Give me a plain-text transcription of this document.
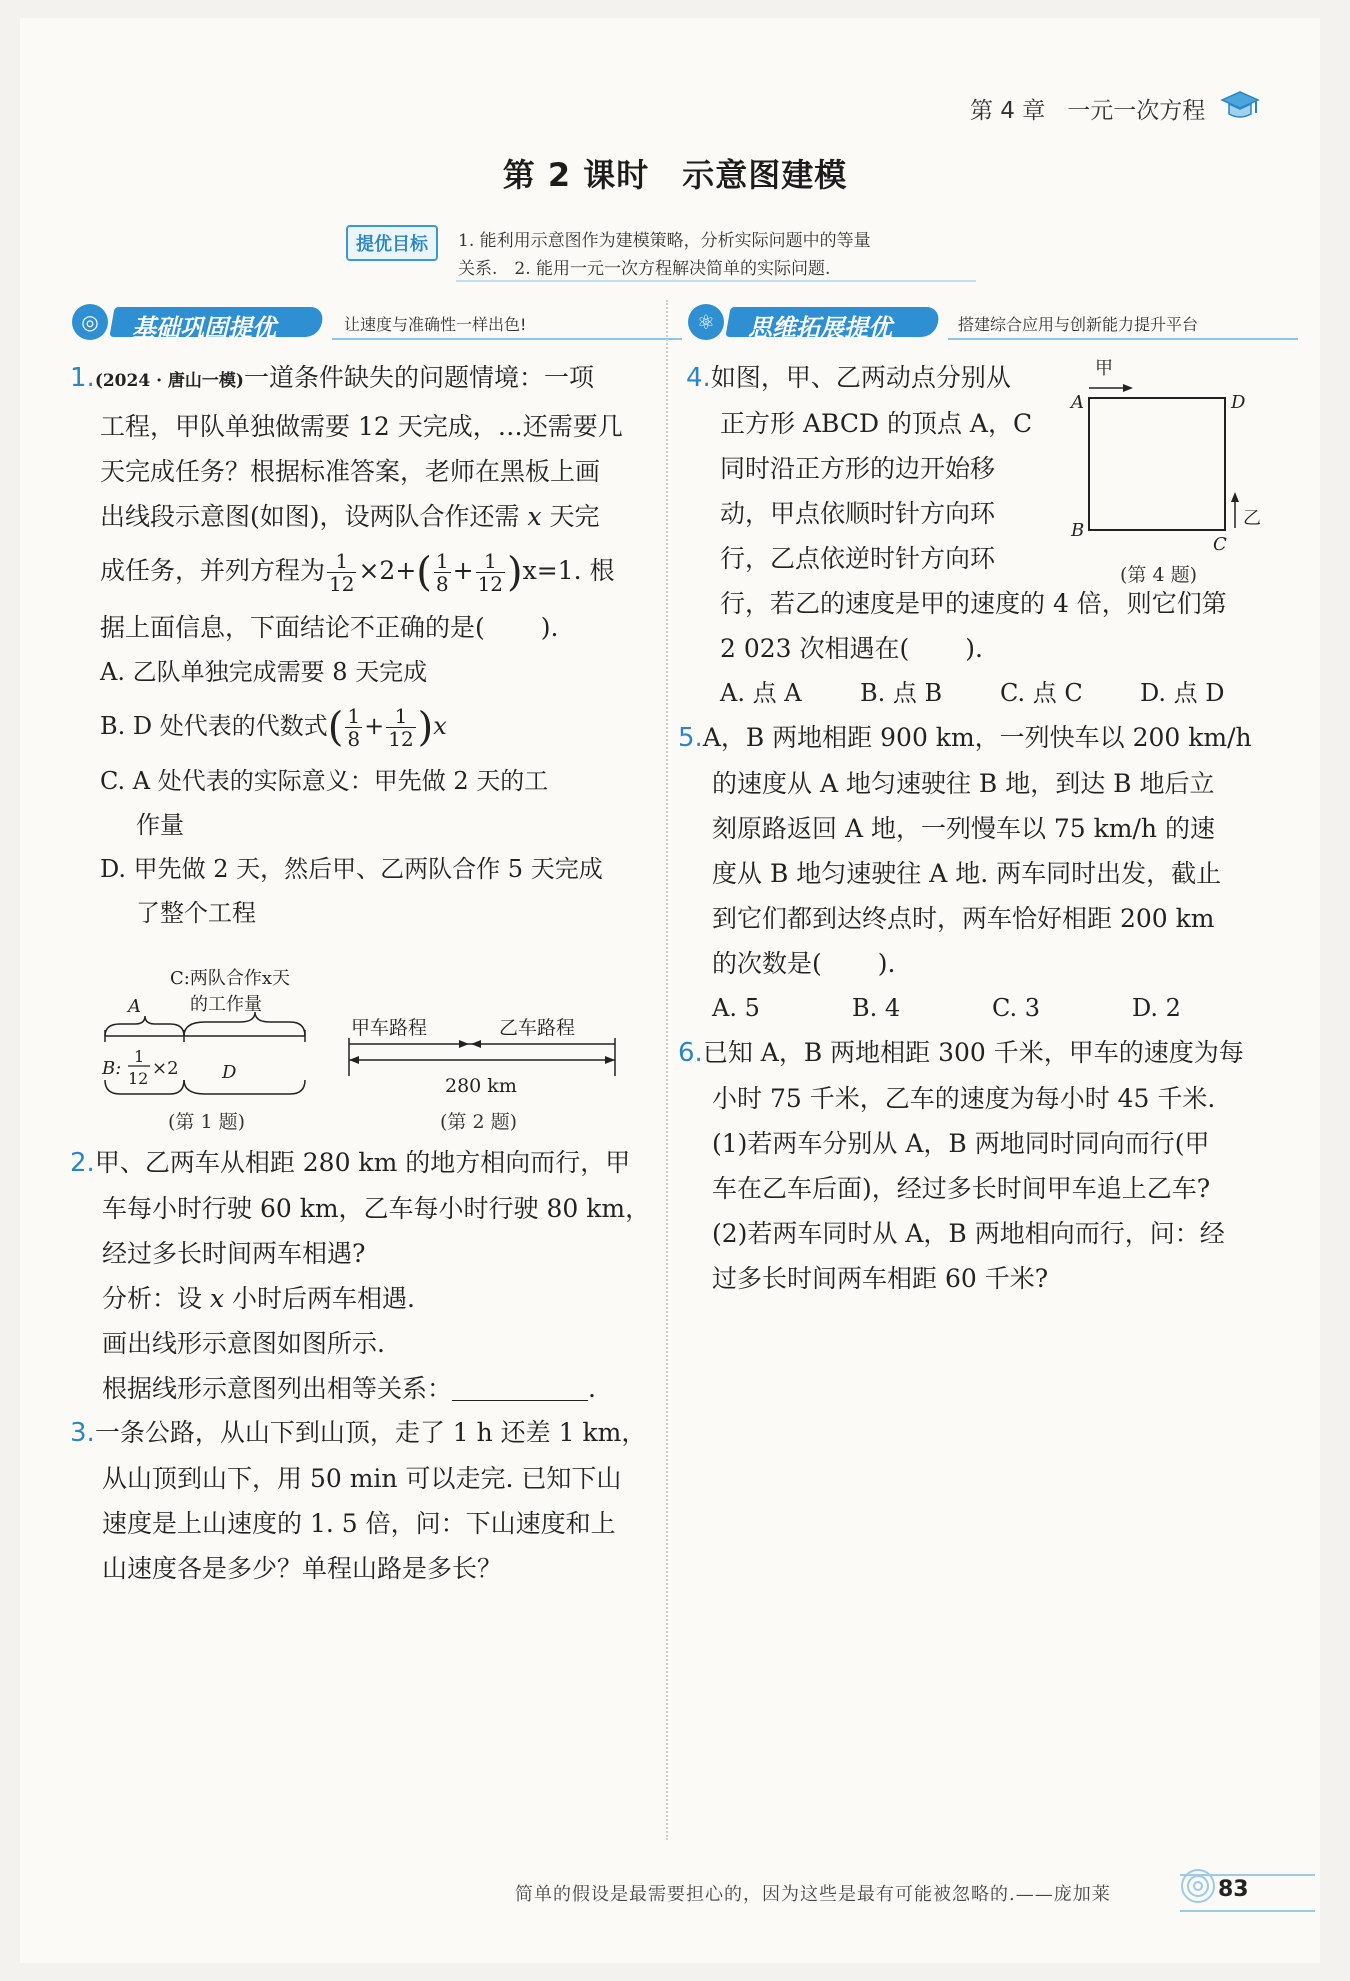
第 4 章 一元一次方程
第 2 课时　示意图建模
提优目标	1. 能利用示意图作为建模策略，分析实际问题中的等量
关系.　2. 能用一元一次方程解决简单的实际问题.
◎	基础巩固提优	让速度与准确性一样出色!	⚛	思维拓展提优	搭建综合应用与创新能力提升平台
1.(2024 · 唐山一模)一道条件缺失的问题情境：一项
工程，甲队单独做需要 12 天完成，…还需要几
天完成任务？根据标准答案，老师在黑板上画
出线段示意图(如图)，设两队合作还需 x 天完
成任务，并列方程为 $\frac{1}{12} \times 2+( \frac{1}{8} + \frac{1}{12} )x=1$. 根
据上面信息，下面结论不正确的是( ).
A. 乙队单独完成需要 8 天完成
B. D 处代表的代数式( $\frac{1}{8} + \frac{1}{12} )x$
C. A 处代表的实际意义：甲先做 2 天的工
作量
D. 甲先做 2 天，然后甲、乙两队合作 5 天完成
了整个工程
C:两队合作x天
的工作量
A
B:
1
12 ×2 D
(第 1 题)
甲车路程	乙车路程
280 km
(第 2 题)
2.甲、乙两车从相距 280 km 的地方相向而行，甲
车每小时行驶 60 km，乙车每小时行驶 80 km，
经过多长时间两车相遇?
分析：设 x 小时后两车相遇.
画出线形示意图如图所示.
根据线形示意图列出相等关系：	.
3.一条公路，从山下到山顶，走了 1 h 还差 1 km，
从山顶到山下，用 50 min 可以走完. 已知下山
速度是上山速度的 1. 5 倍，问：下山速度和上
山速度各是多少？单程山路是多长？
4.如图，甲、乙两动点分别从
正方形 ABCD 的顶点 A，C
同时沿正方形的边开始移
动，甲点依顺时针方向环
行，乙点依逆时针方向环
行，若乙的速度是甲的速度的 4 倍，则它们第
2 023 次相遇在( ).
A. 点 A	B. 点 B	C. 点 C	D. 点 D
甲
A	D
B
C
乙
(第 4 题)
5.A，B 两地相距 900 km，一列快车以 200 km/h
的速度从 A 地匀速驶往 B 地，到达 B 地后立
刻原路返回 A 地，一列慢车以 75 km/h 的速
度从 B 地匀速驶往 A 地. 两车同时出发，截止
到它们都到达终点时，两车恰好相距 200 km
的次数是( ).
A. 5	B. 4	C. 3	D. 2
6.已知 A，B 两地相距 300 千米，甲车的速度为每
小时 75 千米，乙车的速度为每小时 45 千米.
(1)若两车分别从 A，B 两地同时同向而行(甲
车在乙车后面)，经过多长时间甲车追上乙车?
(2)若两车同时从 A，B 两地相向而行，问：经
过多长时间两车相距 60 千米?
简单的假设是最需要担心的，因为这些是最有可能被忽略的.——庞加莱	83
